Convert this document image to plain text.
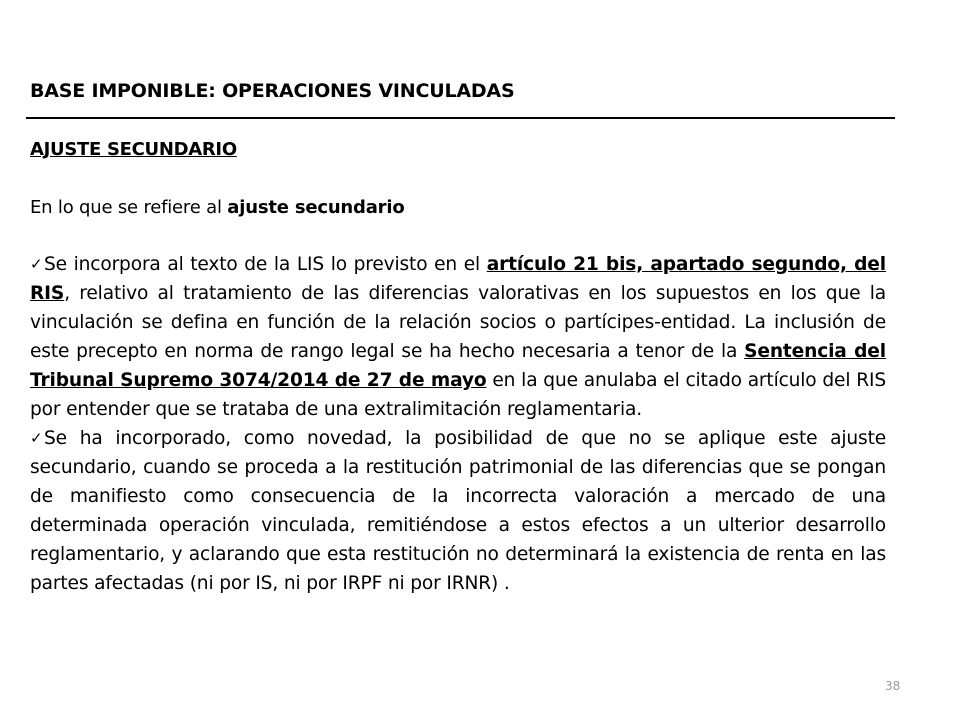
BASE IMPONIBLE: OPERACIONES VINCULADAS
AJUSTE SECUNDARIO

En lo que se refiere al ajuste secundario

✓ Se incorpora al texto de la LIS lo previsto en el artículo 21 bis, apartado segundo, del RIS, relativo al tratamiento de las diferencias valorativas en los supuestos en los que la vinculación se defina en función de la relación socios o partícipes-entidad. La inclusión de este precepto en norma de rango legal se ha hecho necesaria a tenor de la Sentencia del Tribunal Supremo 3074/2014 de 27 de mayo en la que anulaba el citado artículo del RIS por entender que se trataba de una extralimitación reglamentaria.
✓ Se ha incorporado, como novedad, la posibilidad de que no se aplique este ajuste secundario, cuando se proceda a la restitución patrimonial de las diferencias que se pongan de manifiesto como consecuencia de la incorrecta valoración a mercado de una determinada operación vinculada, remitiéndose a estos efectos a un ulterior desarrollo reglamentario, y aclarando que esta restitución no determinará la existencia de renta en las partes afectadas (ni por IS, ni por IRPF ni por IRNR) .

38
